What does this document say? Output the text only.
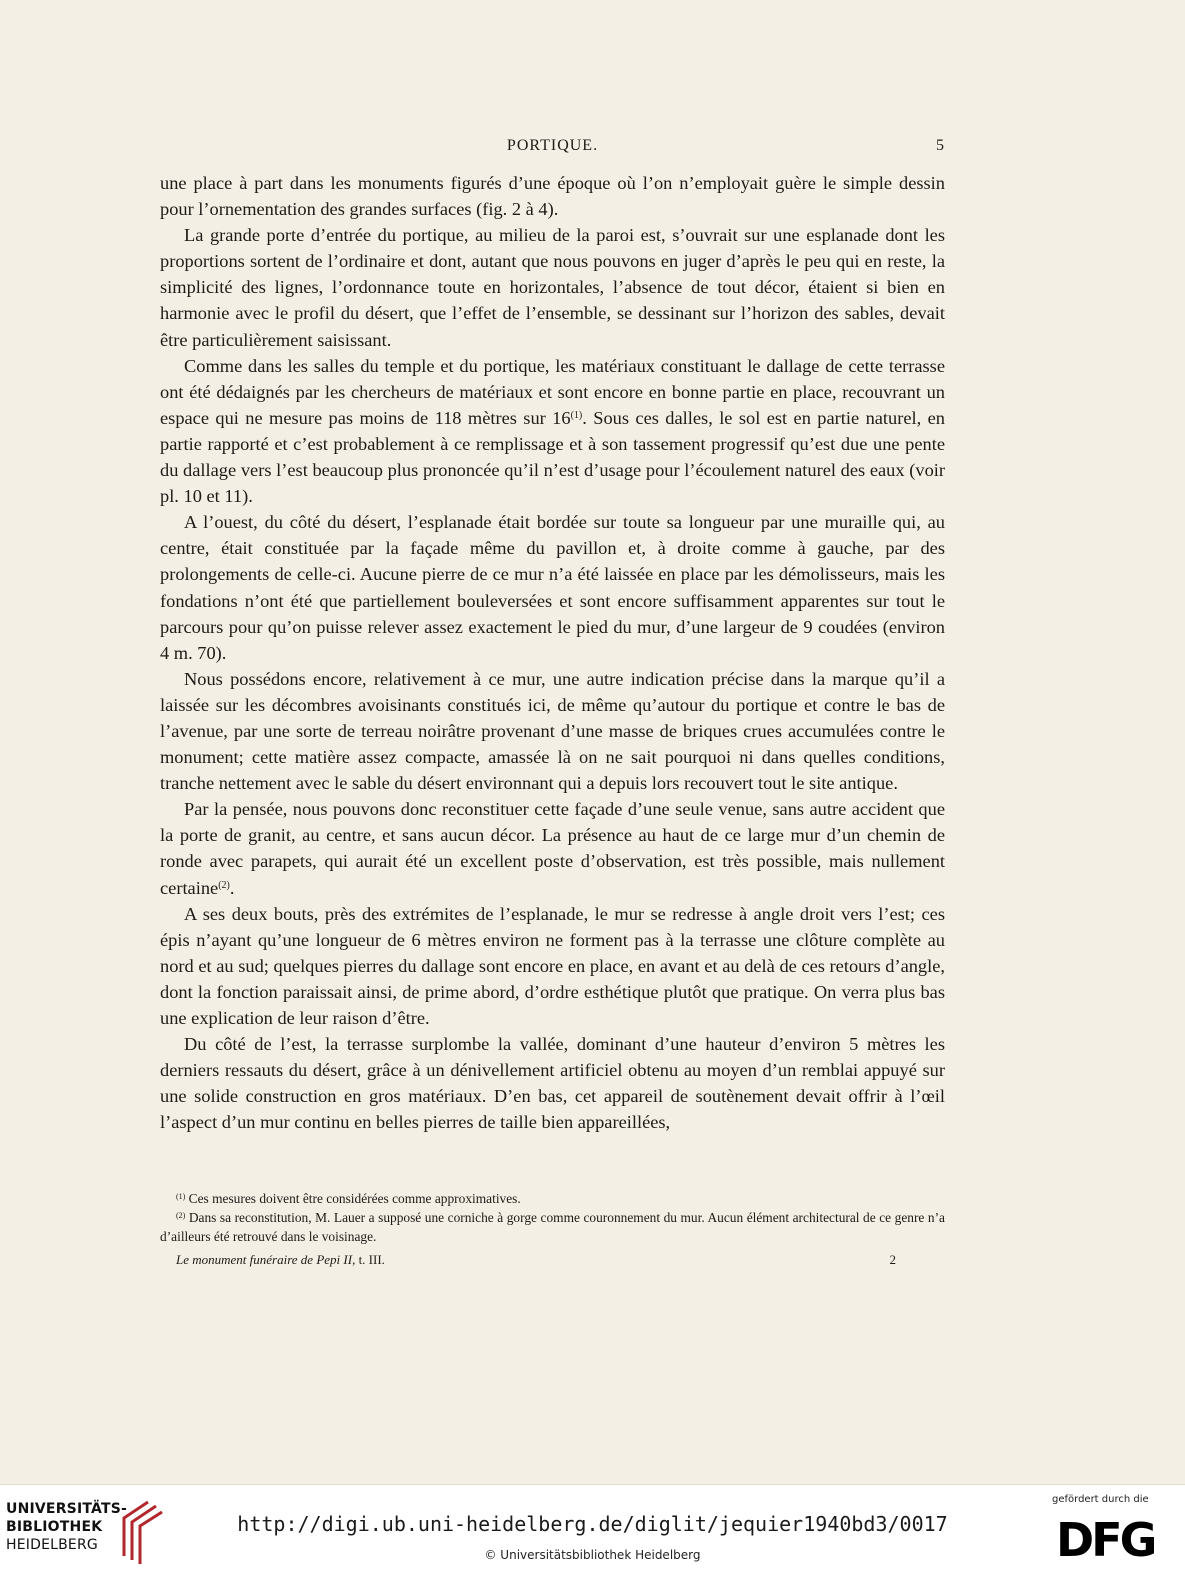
PORTIQUE.	5

une place à part dans les monuments figurés d’une époque où l’on n’employait guère le simple dessin pour l’ornementation des grandes surfaces (fig. 2 à 4).

La grande porte d’entrée du portique, au milieu de la paroi est, s’ouvrait sur une esplanade dont les proportions sortent de l’ordinaire et dont, autant que nous pouvons en juger d’après le peu qui en reste, la simplicité des lignes, l’ordonnance toute en horizontales, l’absence de tout décor, étaient si bien en harmonie avec le profil du désert, que l’effet de l’ensemble, se dessinant sur l’horizon des sables, devait être particulièrement saisissant.

Comme dans les salles du temple et du portique, les matériaux constituant le dallage de cette terrasse ont été dédaignés par les chercheurs de matériaux et sont encore en bonne partie en place, recouvrant un espace qui ne mesure pas moins de 118 mètres sur 16$^{(1)}$. Sous ces dalles, le sol est en partie naturel, en partie rapporté et c’est probablement à ce remplissage et à son tassement progressif qu’est due une pente du dallage vers l’est beaucoup plus prononcée qu’il n’est d’usage pour l’écoulement naturel des eaux (voir pl. 10 et 11).

A l’ouest, du côté du désert, l’esplanade était bordée sur toute sa longueur par une muraille qui, au centre, était constituée par la façade même du pavillon et, à droite comme à gauche, par des prolongements de celle-ci. Aucune pierre de ce mur n’a été laissée en place par les démolisseurs, mais les fondations n’ont été que partiellement bouleversées et sont encore suffisamment apparentes sur tout le parcours pour qu’on puisse relever assez exactement le pied du mur, d’une largeur de 9 coudées (environ 4 m. 70).

Nous possédons encore, relativement à ce mur, une autre indication précise dans la marque qu’il a laissée sur les décombres avoisinants constitués ici, de même qu’autour du portique et contre le bas de l’avenue, par une sorte de terreau noirâtre provenant d’une masse de briques crues accumulées contre le monument; cette matière assez compacte, amassée là on ne sait pourquoi ni dans quelles conditions, tranche nettement avec le sable du désert environnant qui a depuis lors recouvert tout le site antique.

Par la pensée, nous pouvons donc reconstituer cette façade d’une seule venue, sans autre accident que la porte de granit, au centre, et sans aucun décor. La présence au haut de ce large mur d’un chemin de ronde avec parapets, qui aurait été un excellent poste d’observation, est très possible, mais nullement certaine$^{(2)}$.

A ses deux bouts, près des extrémites de l’esplanade, le mur se redresse à angle droit vers l’est; ces épis n’ayant qu’une longueur de 6 mètres environ ne forment pas à la terrasse une clôture complète au nord et au sud; quelques pierres du dallage sont encore en place, en avant et au delà de ces retours d’angle, dont la fonction paraissait ainsi, de prime abord, d’ordre esthétique plutôt que pratique. On verra plus bas une explication de leur raison d’être.

Du côté de l’est, la terrasse surplombe la vallée, dominant d’une hauteur d’environ 5 mètres les derniers ressauts du désert, grâce à un dénivellement artificiel obtenu au moyen d’un remblai appuyé sur une solide construction en gros matériaux. D’en bas, cet appareil de soutènement devait offrir à l’œil l’aspect d’un mur continu en belles pierres de taille bien appareillées,

$^{(1)}$ Ces mesures doivent être considérées comme approximatives.

$^{(2)}$ Dans sa reconstitution, M. Lauer a supposé une corniche à gorge comme couronnement du mur. Aucun élément architectural de ce genre n’a d’ailleurs été retrouvé dans le voisinage.

Le monument funéraire de Pepi II, t. III.	2
UNIVERSITÄTS-
BIBLIOTHEK
HEIDELBERG
http://digi.ub.uni-heidelberg.de/diglit/jequier1940bd3/0017
© Universitätsbibliothek Heidelberg
gefördert durch die
DFG
